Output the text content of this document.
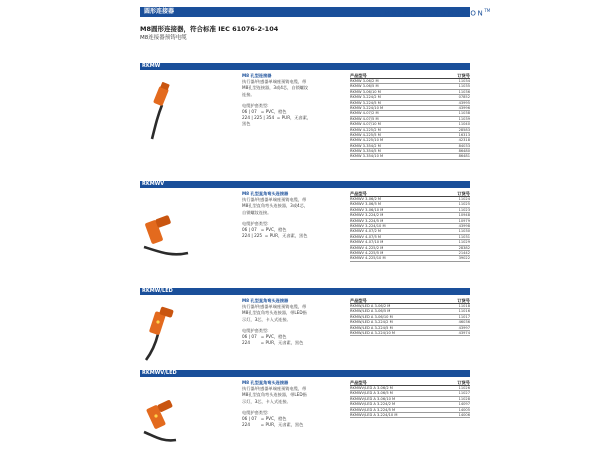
圆形连接器	LUMBERG AUTOMATION™
M8圆形连接器，符合标准 IEC 61076-2-104
M8连接器预铸电缆
RKMW
M8 孔型连接器
执行器/传感器单端座预铸电缆，带
M8孔型连接器，3或4芯，自锁螺纹
连接。
电缆护套类型:
06 | 07 = PVC，橙色
224 | 225 | 354 = PUR，无卤素，
黑色
产品型号	订货号
RKMW 3-06/2 M	11034
RKMW 3-06/5 M	11035
RKMW 3-06/10 M	11036
RKMW 3-224/2 M	07852
RKMW 3-224/5 M	43995
RKMW 3-224/10 M	43996
RKMW 4-07/2 M	11038
RKMW 4-07/5 M	11039
RKMW 4-07/10 M	11040
RKMW 4-225/2 M	28583
RKMW 4-225/5 M	16313
RKMW 4-225/10 M	42318
RKMW 3-354/2 M	84033
RKMW 3-354/5 M	86480
RKMW 3-354/10 M	86481
RKMWV
M8 孔型直角弯头连接器
执行器/传感器单端座预铸电缆，带
M8孔型直角弯头连接器，3或4芯，
自锁螺纹连接。
电缆护套类型:
06 | 07 = PVC，橙色
224 | 225 = PUR，无卤素，黑色
产品型号	订货号
RKMWV 3-06/2 M	11024
RKMWV 3-06/5 M	11025
RKMWV 3-06/10 M	11023
RKMWV 3-224/2 M	10948
RKMWV 3-224/5 M	10979
RKMWV 3-224/10 M	43998
RKMWV 4-07/2 M	11030
RKMWV 4-07/5 M	11031
RKMWV 4-07/10 M	11029
RKMWV 4-225/2 M	28382
RKMWV 4-225/5 M	21442
RKMWV 4-225/10 M	39022
RKMW/LED
M8 孔型直角弯头连接器
执行器/传感器单端座预铸电缆，带
M8孔型直角弯头连接器，带LED指
示灯，3芯，卡入式连接。
电缆护套类型:
06 | 07 = PVC，橙色
224	= PUR，无卤素，黑色
产品型号	订货号
RKMW/LED A 3-06/2 M	11018
RKMW/LED A 3-06/5 M	11016
RKMW/LED A 3-06/10 M	11017
RKMW/LED A 3-224/2 M	46036
RKMW/LED A 3-224/5 M	43997
RKMW/LED A 3-224/10 M	43974
RKMWV/LED
M8 孔型直角弯头连接器
执行器/传感器单端座预铸电缆，带
M8孔型直角弯头连接器，带LED指
示灯，3芯，卡入式连接。
电缆护套类型:
06 | 07 = PVC，橙色
224	= PUR，无卤素，黑色
产品型号	订货号
RKMWV/LED A 3-06/2 M	11026
RKMWV/LED A 3-06/5 M	11027
RKMWV/LED A 3-06/10 M	11028
RKMWV/LED A 3-224/2 M	14097
RKMWV/LED A 3-224/5 M	14005
RKMWV/LED A 3-224/10 M	14006
